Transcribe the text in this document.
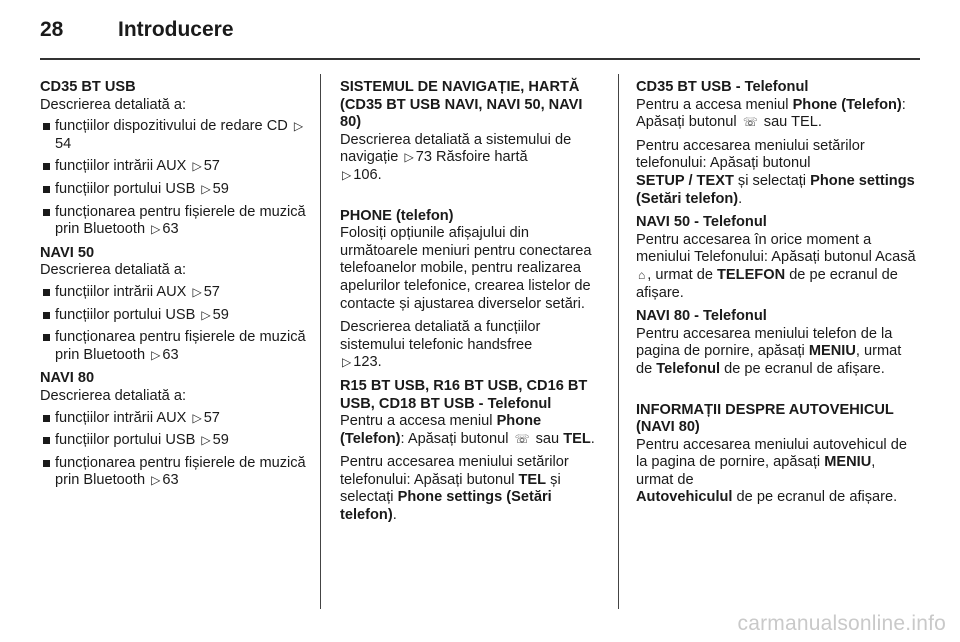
28	Introducere
CD35 BT USB
Descrierea detaliată a:
funcțiilor dispozitivului de redare CD ▷54
funcțiilor intrării AUX ▷ 57
funcțiilor portului USB ▷ 59
funcționarea pentru fișierele de muzică prin Bluetooth ▷ 63
NAVI 50
Descrierea detaliată a:
funcțiilor intrării AUX ▷ 57
funcțiilor portului USB ▷ 59
funcționarea pentru fișierele de muzică prin Bluetooth ▷ 63
NAVI 80
Descrierea detaliată a:
funcțiilor intrării AUX ▷ 57
funcțiilor portului USB ▷ 59
funcționarea pentru fișierele de muzică prin Bluetooth ▷ 63
SISTEMUL DE NAVIGAȚIE, HARTĂ (CD35 BT USB NAVI, NAVI 50, NAVI 80)

Descrierea detaliată a sistemului de navigație ▷ 73 Răsfoire hartă
▷ 106.

PHONE (telefon)

Folosiți opțiunile afișajului din următoarele meniuri pentru conectarea telefoanelor mobile, pentru realizarea apelurilor telefonice, crearea listelor de contacte și ajustarea diverselor setări.

Descrierea detaliată a funcțiilor sistemului telefonic handsfree
▷ 123.

R15 BT USB, R16 BT USB, CD16 BT USB, CD18 BT USB - Telefonul

Pentru a accesa meniul Phone (Telefon): Apăsați butonul ☏ sau TEL.

Pentru accesarea meniului setărilor telefonului: Apăsați butonul TEL și selectați Phone settings (Setări telefon).

CD35 BT USB - Telefonul

Pentru a accesa meniul Phone (Telefon): Apăsați butonul ☏ sau TEL.

Pentru accesarea meniului setărilor telefonului: Apăsați butonul
SETUP / TEXT și selectați Phone settings (Setări telefon).

NAVI 50 - Telefonul

Pentru accesarea în orice moment a meniului Telefonului: Apăsați butonul Acasă ⌂ , urmat de TELEFON de pe ecranul de afișare.

NAVI 80 - Telefonul

Pentru accesarea meniului telefon de la pagina de pornire, apăsați MENIU, urmat de Telefonul de pe ecranul de afișare.

INFORMAȚII DESPRE AUTOVEHICUL (NAVI 80)

Pentru accesarea meniului autovehicul de la pagina de pornire, apăsați MENIU, urmat de
Autovehiculul de pe ecranul de afișare.

carmanualsonline.info
